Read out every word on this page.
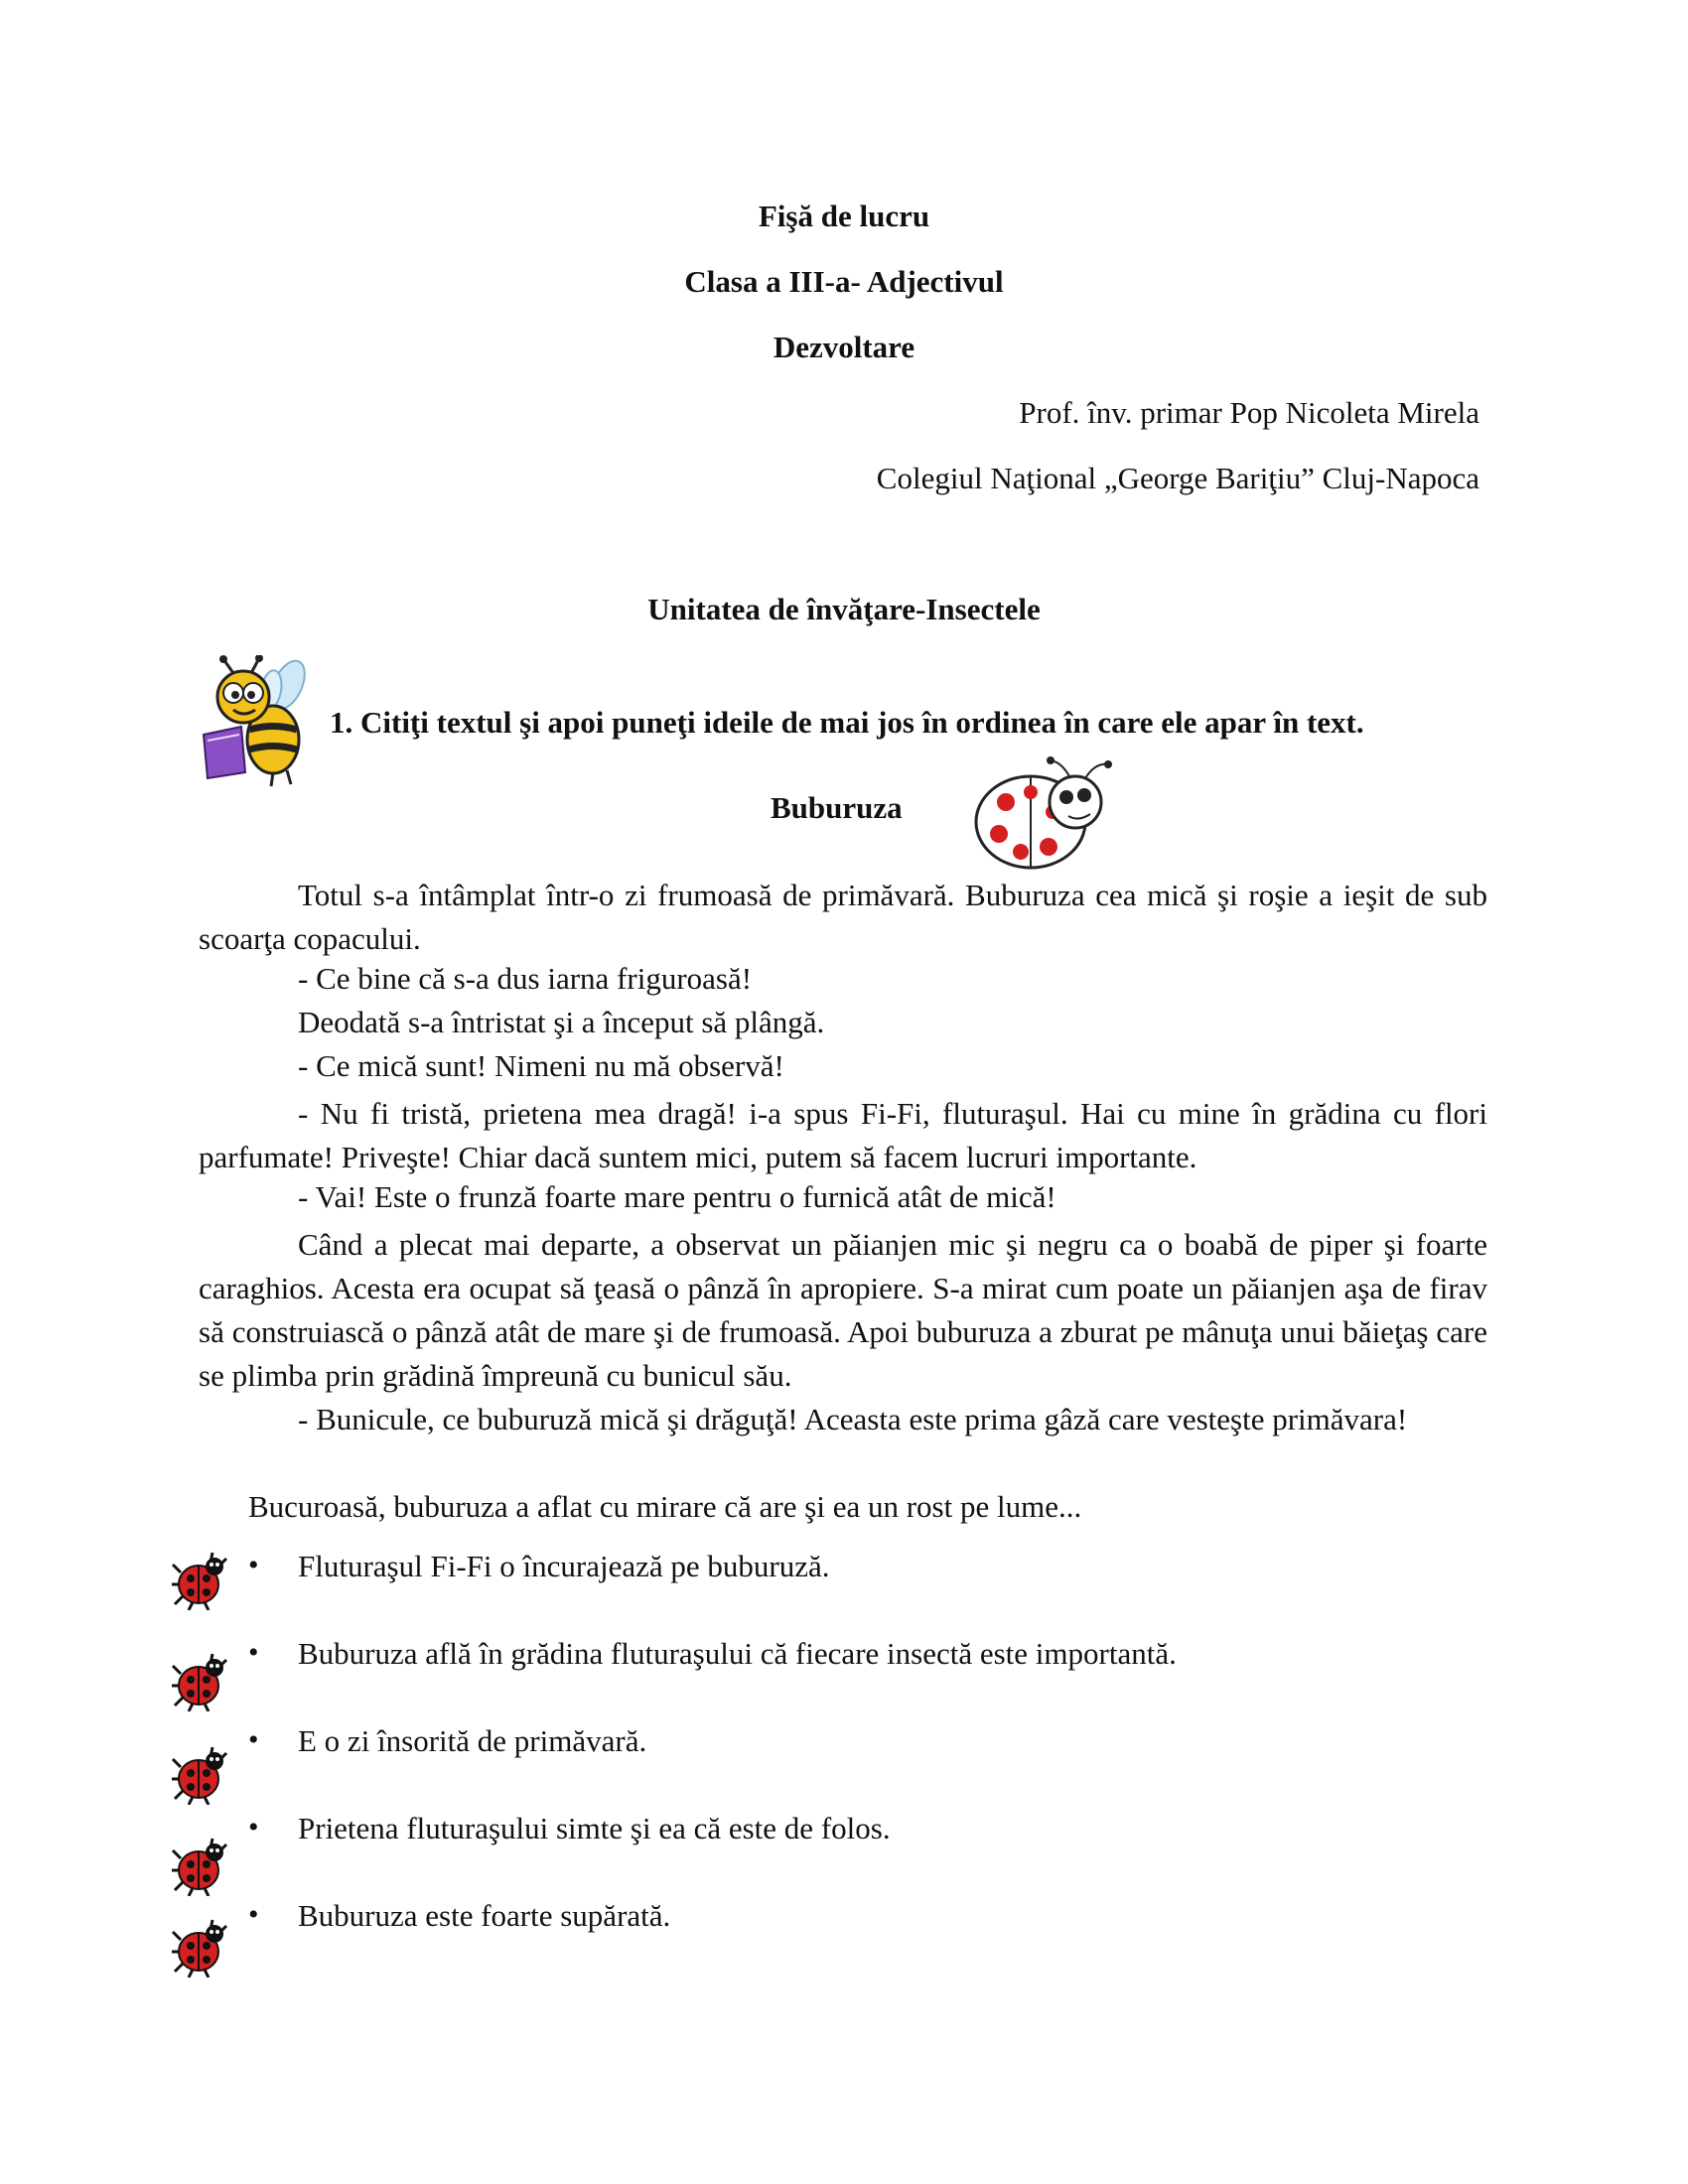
Fişă de lucru
Clasa a III-a- Adjectivul
Dezvoltare
Prof. înv. primar Pop Nicoleta Mirela
Colegiul Naţional „George Bariţiu” Cluj-Napoca
Unitatea de învăţare-Insectele
1. Citiţi textul şi apoi puneţi ideile de mai jos în ordinea în care ele apar în text.
Buburuza
Totul s-a întâmplat într-o zi frumoasă de primăvară. Buburuza cea mică şi roşie a ieşit de sub scoarţa copacului.
- Ce bine că s-a dus iarna friguroasă!
Deodată s-a întristat şi a început să plângă.
- Ce mică sunt! Nimeni nu mă observă!
- Nu fi tristă, prietena mea dragă! i-a spus Fi-Fi, fluturaşul. Hai cu mine în grădina cu flori parfumate! Priveşte! Chiar dacă suntem mici, putem să facem lucruri importante.
- Vai! Este o frunză foarte mare pentru o furnică atât de mică!
Când a plecat mai departe, a observat un păianjen mic şi negru ca o boabă de piper şi foarte caraghios. Acesta era ocupat să ţeasă o pânză în apropiere. S-a mirat cum poate un păianjen aşa de firav să construiască o pânză atât de mare şi de frumoasă. Apoi buburuza a zburat pe mânuţa unui băieţaş care se plimba prin grădină împreună cu bunicul său.
- Bunicule, ce buburuză mică şi drăguţă! Aceasta este prima gâză care vesteşte primăvara!
Bucuroasă, buburuza a aflat cu mirare că are şi ea un rost pe lume...
• Fluturaşul Fi-Fi o încurajează pe buburuză.
• Buburuza află în grădina fluturaşului că fiecare insectă este importantă.
• E o zi însorită de primăvară.
• Prietena fluturaşului simte şi ea că este de folos.
• Buburuza este foarte supărată.
